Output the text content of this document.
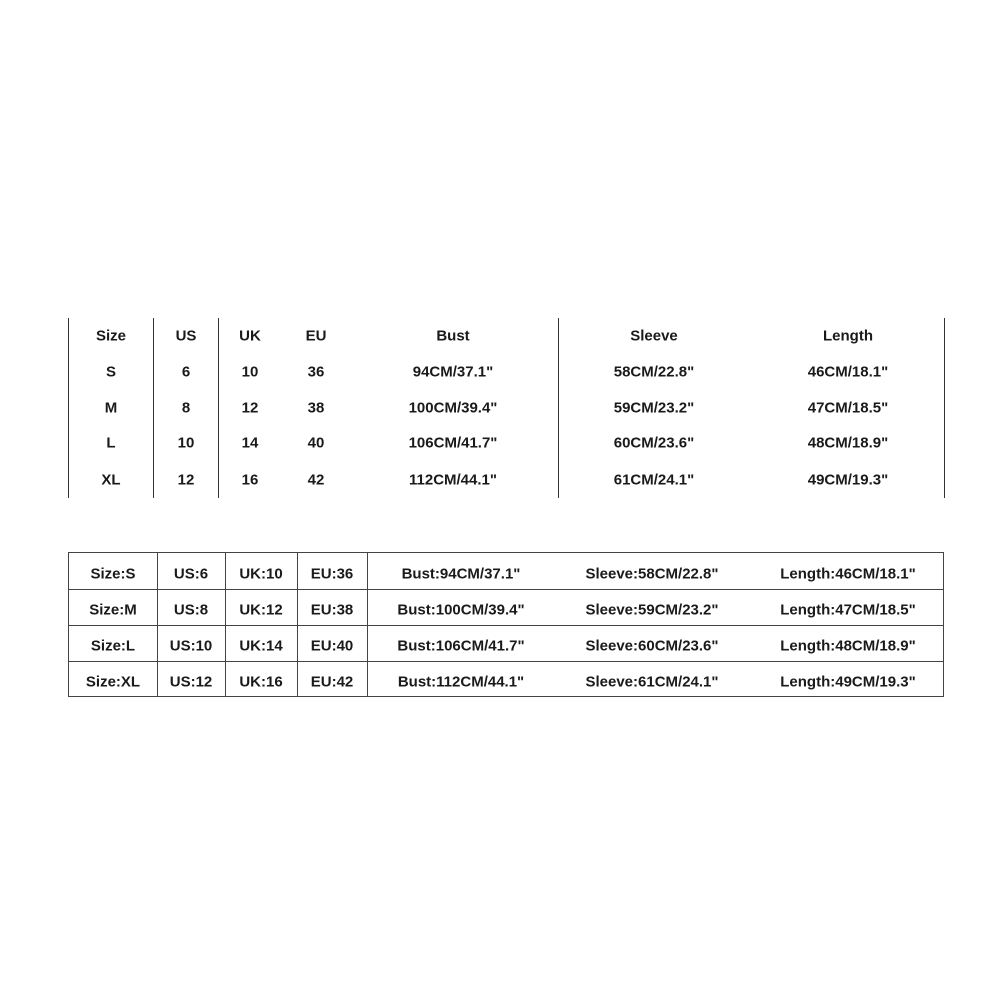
Size	US	UK	EU	Bust	Sleeve	Length
S	6	10	36	94CM/37.1"	58CM/22.8"	46CM/18.1"
M	8	12	38	100CM/39.4"	59CM/23.2"	47CM/18.5"
L	10	14	40	106CM/41.7"	60CM/23.6"	48CM/18.9"
XL	12	16	42	112CM/44.1"	61CM/24.1"	49CM/19.3"
Size:S	US:6 UK:10 EU:36	Bust:94CM/37.1"	Sleeve:58CM/22.8"	Length:46CM/18.1"
Size:M US:8 UK:12 EU:38	Bust:100CM/39.4"	Sleeve:59CM/23.2"	Length:47CM/18.5"
Size:L US:10 UK:14 EU:40	Bust:106CM/41.7"	Sleeve:60CM/23.6"	Length:48CM/18.9"
Size:XL US:12 UK:16 EU:42	Bust:112CM/44.1"	Sleeve:61CM/24.1"	Length:49CM/19.3"
